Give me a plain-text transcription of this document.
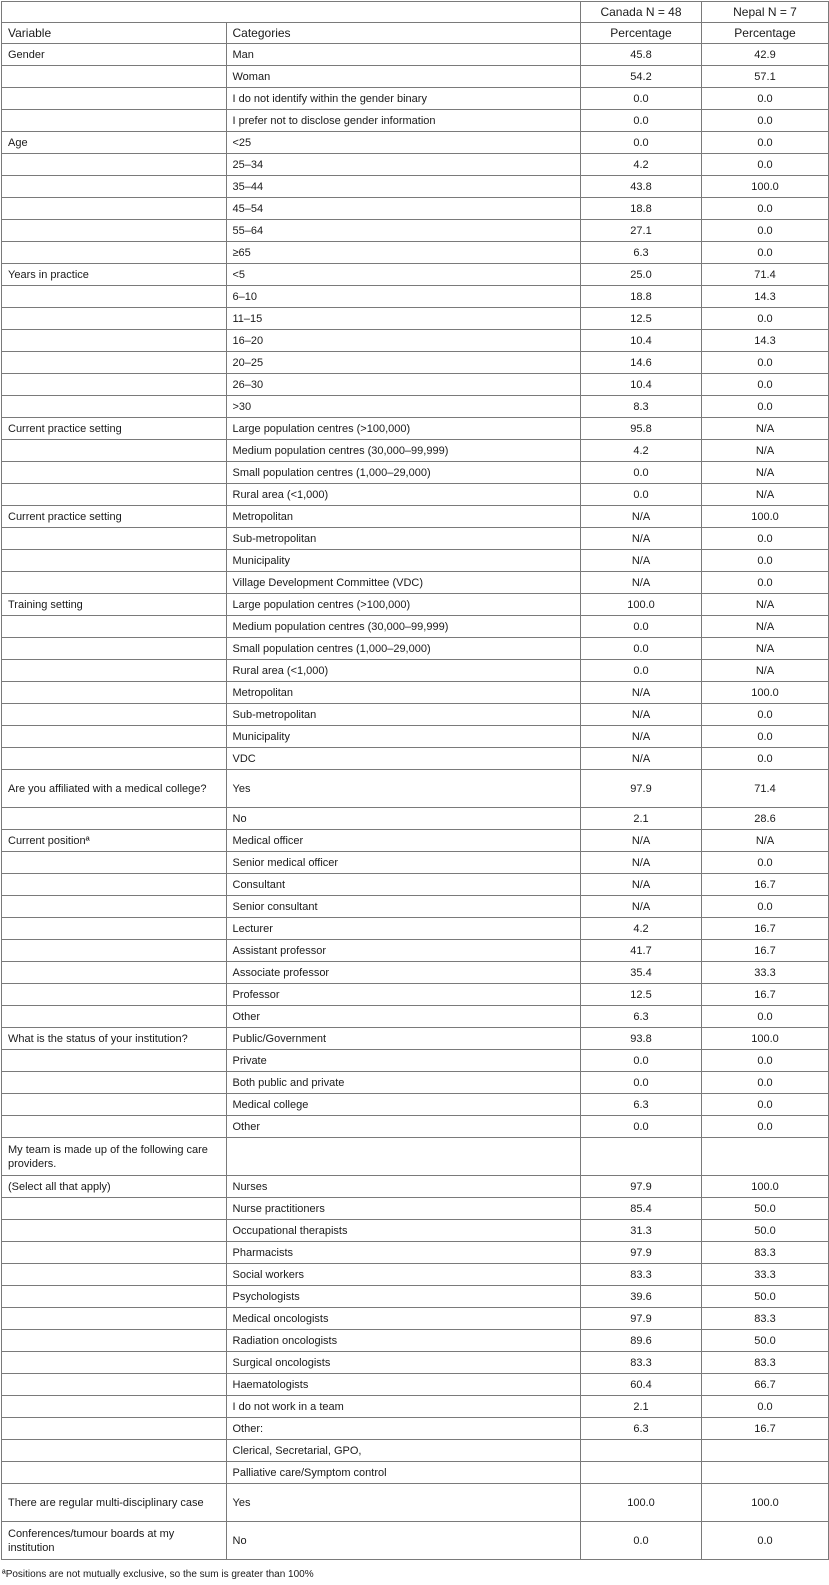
		Canada N = 48	Nepal N = 7
Variable	Categories	Percentage	Percentage
Gender	Man	45.8	42.9
	Woman	54.2	57.1
	I do not identify within the gender binary	0.0	0.0
	I prefer not to disclose gender information	0.0	0.0
Age	<25	0.0	0.0
	25–34	4.2	0.0
	35–44	43.8	100.0
	45–54	18.8	0.0
	55–64	27.1	0.0
	≥65	6.3	0.0
Years in practice	<5	25.0	71.4
	6–10	18.8	14.3
	11–15	12.5	0.0
	16–20	10.4	14.3
	20–25	14.6	0.0
	26–30	10.4	0.0
	>30	8.3	0.0
Current practice setting	Large population centres (>100,000)	95.8	N/A
	Medium population centres (30,000–99,999)	4.2	N/A
	Small population centres (1,000–29,000)	0.0	N/A
	Rural area (<1,000)	0.0	N/A
Current practice setting	Metropolitan	N/A	100.0
	Sub-metropolitan	N/A	0.0
	Municipality	N/A	0.0
	Village Development Committee (VDC)	N/A	0.0
Training setting	Large population centres (>100,000)	100.0	N/A
	Medium population centres (30,000–99,999)	0.0	N/A
	Small population centres (1,000–29,000)	0.0	N/A
	Rural area (<1,000)	0.0	N/A
	Metropolitan	N/A	100.0
	Sub-metropolitan	N/A	0.0
	Municipality	N/A	0.0
	VDC	N/A	0.0
Are you affiliated with a medical college?	Yes	97.9	71.4
	No	2.1	28.6
Current positionª	Medical officer	N/A	N/A
	Senior medical officer	N/A	0.0
	Consultant	N/A	16.7
	Senior consultant	N/A	0.0
	Lecturer	4.2	16.7
	Assistant professor	41.7	16.7
	Associate professor	35.4	33.3
	Professor	12.5	16.7
	Other	6.3	0.0
What is the status of your institution?	Public/Government	93.8	100.0
	Private	0.0	0.0
	Both public and private	0.0	0.0
	Medical college	6.3	0.0
	Other	0.0	0.0
My team is made up of the following care providers.			
(Select all that apply)	Nurses	97.9	100.0
	Nurse practitioners	85.4	50.0
	Occupational therapists	31.3	50.0
	Pharmacists	97.9	83.3
	Social workers	83.3	33.3
	Psychologists	39.6	50.0
	Medical oncologists	97.9	83.3
	Radiation oncologists	89.6	50.0
	Surgical oncologists	83.3	83.3
	Haematologists	60.4	66.7
	I do not work in a team	2.1	0.0
	Other:	6.3	16.7
	Clerical, Secretarial, GPO,		
	Palliative care/Symptom control		
There are regular multi-disciplinary case	Yes	100.0	100.0
Conferences/tumour boards at my institution	No	0.0	0.0
ªPositions are not mutually exclusive, so the sum is greater than 100%
